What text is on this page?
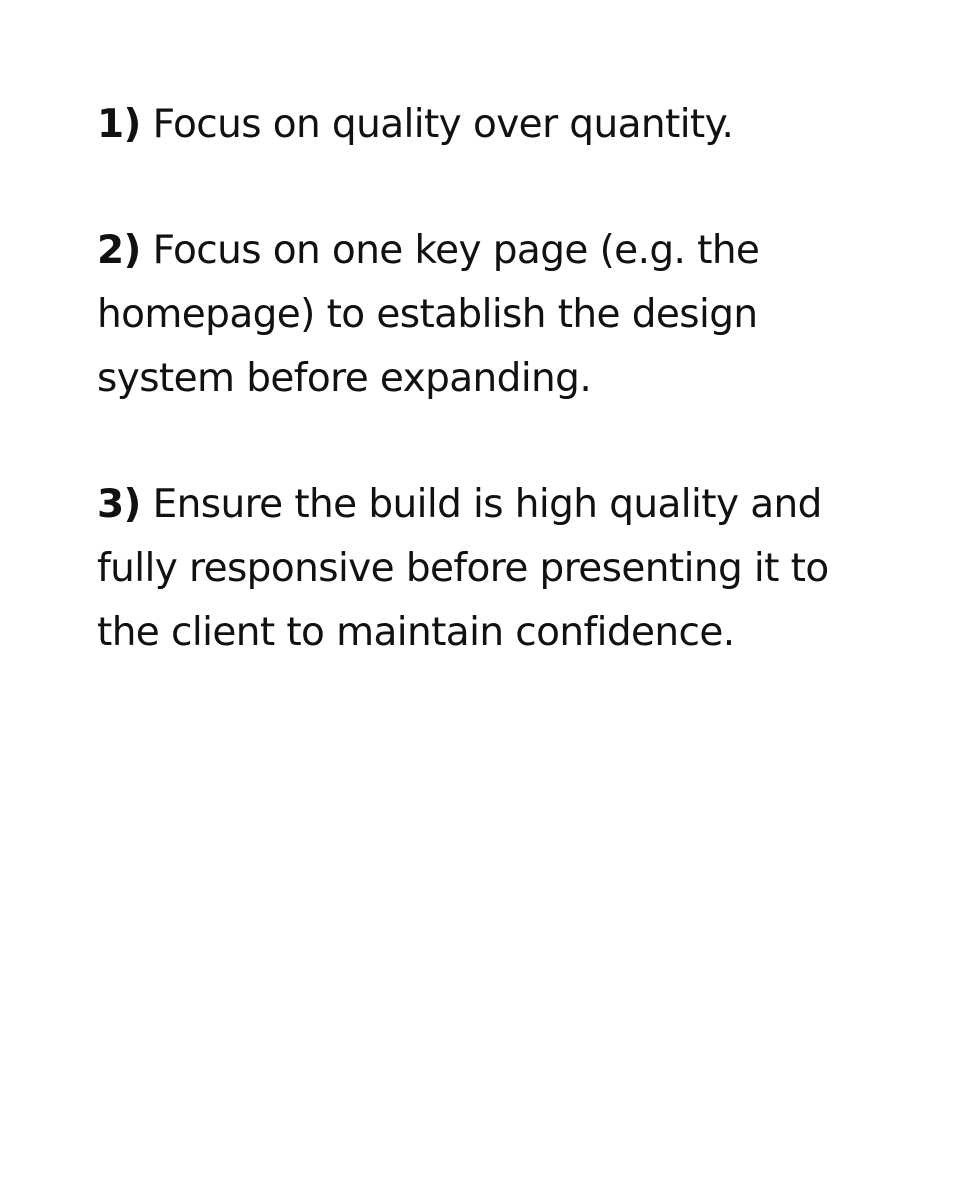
1) Focus on quality over quantity.

2) Focus on one key page (e.g. the homepage) to establish the design system before expanding.

3) Ensure the build is high quality and fully responsive before presenting it to the client to maintain confidence.
